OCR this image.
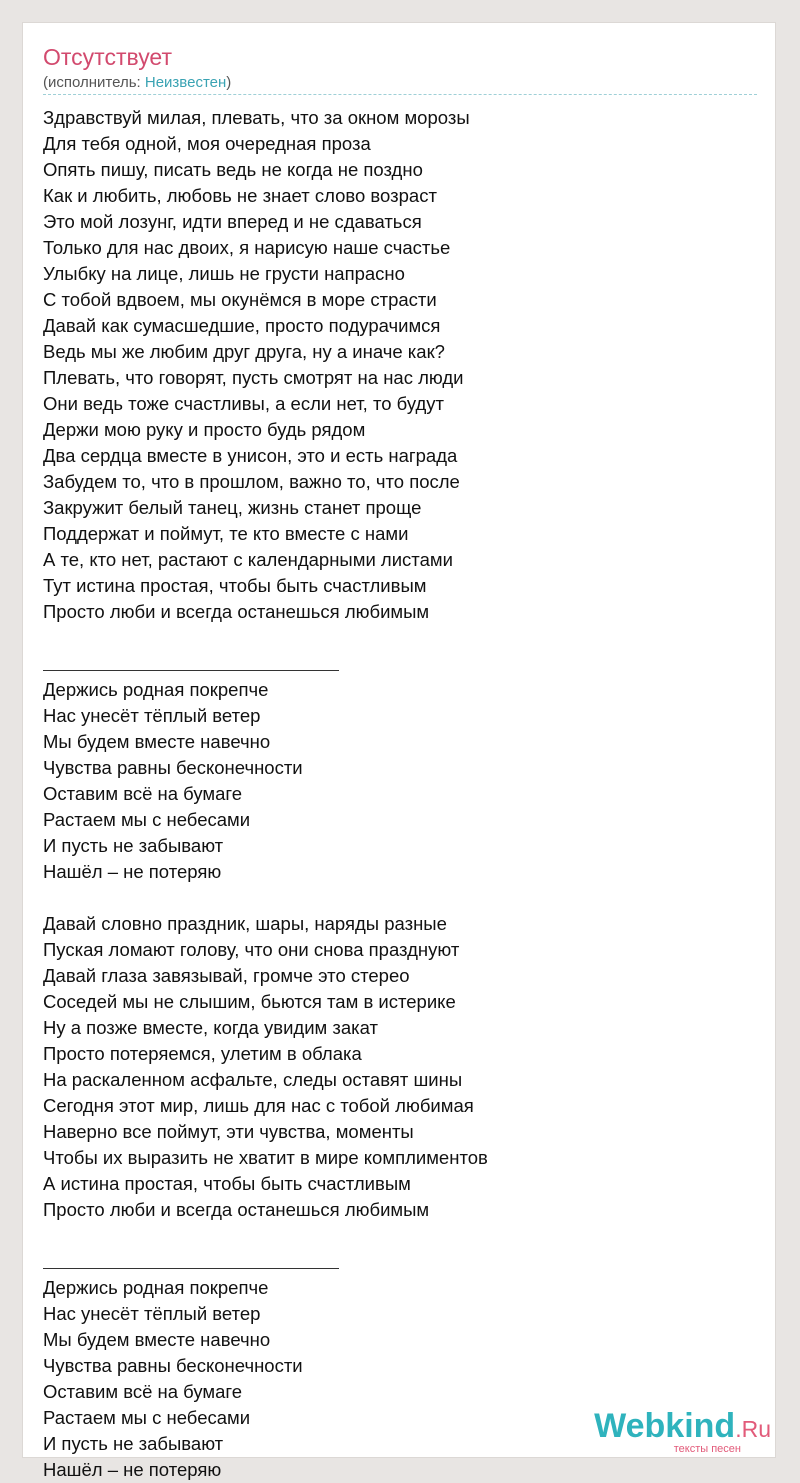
Отсутствует
(исполнитель: Неизвестен)
Здравствуй милая, плевать, что за окном морозы
Для тебя одной, моя очередная проза
Опять пишу, писать ведь не когда не поздно
Как и любить, любовь не знает слово возраст
Это мой лозунг, идти вперед и не сдаваться
Только для нас двоих, я нарисую наше счастье
Улыбку на лице, лишь не грусти напрасно
С тобой вдвоем, мы окунёмся в море страсти
Давай как сумасшедшие, просто подурачимся
Ведь мы же любим друг друга, ну а иначе как?
Плевать, что говорят, пусть смотрят на нас люди
Они ведь тоже счастливы, а если нет, то будут
Держи мою руку и просто будь рядом
Два сердца вместе в унисон, это и есть награда
Забудем то, что в прошлом, важно то, что после
Закружит белый танец, жизнь станет проще
Поддержат и поймут, те кто вместе с нами
А те, кто нет, растают с календарными листами
Тут истина простая, чтобы быть счастливым
Просто люби и всегда останешься любимым
Держись родная покрепче
Нас унесёт тёплый ветер
Мы будем вместе навечно
Чувства равны бесконечности
Оставим всё на бумаге
Растаем мы с небесами
И пусть не забывают
Нашёл – не потеряю
Давай словно праздник, шары, наряды разные
Пуская ломают голову, что они снова празднуют
Давай глаза завязывай, громче это стерео
Соседей мы не слышим, бьются там в истерике
Ну а позже вместе, когда увидим закат
Просто потеряемся, улетим в облака
На раскаленном асфальте, следы оставят шины
Сегодня этот мир, лишь для нас с тобой любимая
Наверно все поймут, эти чувства, моменты
Чтобы их выразить не хватит в мире комплиментов
А истина простая, чтобы быть счастливым
Просто люби и всегда останешься любимым
Держись родная покрепче
Нас унесёт тёплый ветер
Мы будем вместе навечно
Чувства равны бесконечности
Оставим всё на бумаге
Растаем мы с небесами
И пусть не забывают
Нашёл – не потеряю
Webkind.Ru
тексты песен
